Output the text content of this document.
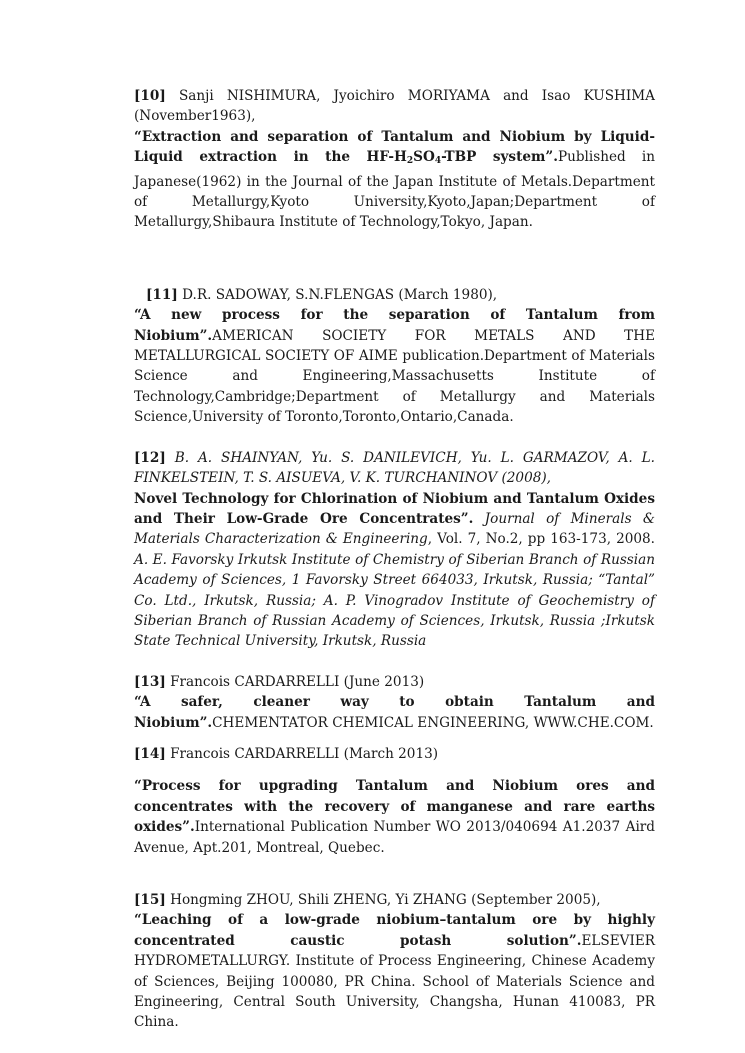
[10] Sanji NISHIMURA, Jyoichiro MORIYAMA and Isao KUSHIMA (November1963),
“Extraction and separation of Tantalum and Niobium by Liquid-Liquid extraction in the $HF-H_2SO_4$-TBP system”.Published in Japanese(1962) in the Journal of the Japan Institute of Metals.Department of Metallurgy,Kyoto University,Kyoto,Japan;Department of Metallurgy,Shibaura Institute of Technology,Tokyo, Japan.
[11] D.R. SADOWAY, S.N.FLENGAS (March 1980),
“A new process for the separation of Tantalum from Niobium”.AMERICAN SOCIETY FOR METALS AND THE METALLURGICAL SOCIETY OF AIME publication.Department of Materials Science and Engineering,Massachusetts Institute of Technology,Cambridge;Department of Metallurgy and Materials Science,University of Toronto,Toronto,Ontario,Canada.
[12] B. A. SHAINYAN, Yu. S. DANILEVICH, Yu. L. GARMAZOV, A. L. FINKELSTEIN, T. S. AISUEVA, V. K. TURCHANINOV (2008),
Novel Technology for Chlorination of Niobium and Tantalum Oxides and Their Low-Grade Ore Concentrates”. Journal of Minerals & Materials Characterization & Engineering, Vol. 7, No.2, pp 163-173, 2008. A. E. Favorsky Irkutsk Institute of Chemistry of Siberian Branch of Russian Academy of Sciences, 1 Favorsky Street 664033, Irkutsk, Russia; “Tantal” Co. Ltd., Irkutsk, Russia; A. P. Vinogradov Institute of Geochemistry of Siberian Branch of Russian Academy of Sciences, Irkutsk, Russia ;Irkutsk State Technical University, Irkutsk, Russia
[13] Francois CARDARRELLI (June 2013)
“A safer, cleaner way to obtain Tantalum and Niobium”.CHEMENTATOR CHEMICAL ENGINEERING, WWW.CHE.COM.
[14] Francois CARDARRELLI (March 2013)
“Process for upgrading Tantalum and Niobium ores and concentrates with the recovery of manganese and rare earths oxides”.International Publication Number WO 2013/040694 A1.2037 Aird Avenue, Apt.201, Montreal, Quebec.
[15] Hongming ZHOU, Shili ZHENG, Yi ZHANG (September 2005),
“Leaching of a low-grade niobium–tantalum ore by highly concentrated caustic potash solution”.ELSEVIER HYDROMETALLURGY. Institute of Process Engineering, Chinese Academy of Sciences, Beijing 100080, PR China. School of Materials Science and Engineering, Central South University, Changsha, Hunan 410083, PR China.
